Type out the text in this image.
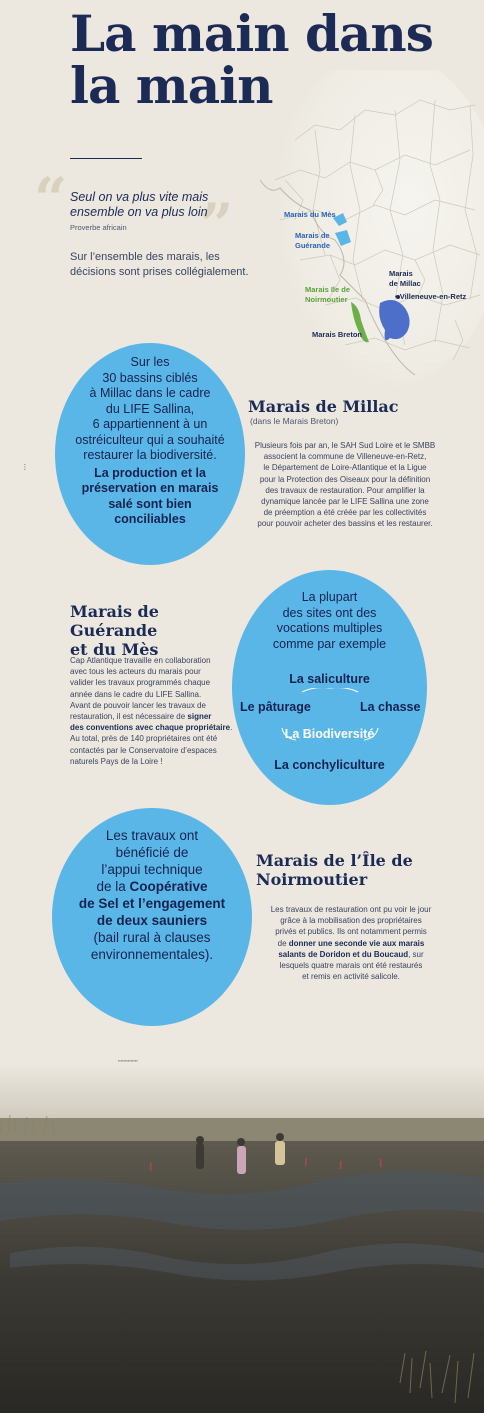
La main dans
la main
Marais du Mès
Marais de
Guérande
Marais
de Millac
• Villeneuve-en-Retz
Marais Ile de
Noirmoutier
Marais Breton
“ ”
Seul on va plus vite mais ensemble on va plus loin
Proverbe africain
Sur l’ensemble des marais, les décisions sont prises collégialement.
Sur les
30 bassins ciblés
à Millac dans le cadre
du LIFE Sallina,
6 appartiennent à un
ostréiculteur qui a souhaité
restaurer la biodiversité.
La production et la
préservation en marais
salé sont bien
conciliables
Marais de Millac
(dans le Marais Breton)
Plusieurs fois par an, le SAH Sud Loire et le SMBB
associent la commune de Villeneuve-en-Retz,
le Département de Loire-Atlantique et la Ligue
pour la Protection des Oiseaux pour la définition
des travaux de restauration. Pour amplifier la
dynamique lancée par le LIFE Sallina une zone
de préemption a été créée par les collectivités
pour pouvoir acheter des bassins et les restaurer.
▪ ▪ ▪
Marais de Guérande
et du Mès
Cap Atlantique travaille en collaboration
avec tous les acteurs du marais pour
valider les travaux programmés chaque
année dans le cadre du LIFE Sallina.
Avant de pouvoir lancer les travaux de
restauration, il est nécessaire de signer
des conventions avec chaque propriétaire.
Au total, près de 140 propriétaires ont été
contactés par le Conservatoire d’espaces
naturels Pays de la Loire !
La plupart
des sites ont des
vocations multiples
comme par exemple
La saliculture
Le pâturage	La chasse
La Biodiversité
La conchyliculture
Les travaux ont
bénéficié de
l’appui technique
de la Coopérative
de Sel et l’engagement
de deux sauniers
(bail rural à clauses
environnementales).
Marais de l’Île de
Noirmoutier
Les travaux de restauration ont pu voir le jour
grâce à la mobilisation des propriétaires
privés et publics. Ils ont notamment permis
de donner une seconde vie aux marais
salants de Doridon et du Boucaud, sur
lesquels quatre marais ont été restaurés
et remis en activité salicole.
▪▪▪▪▪▪▪▪▪▪▪▪▪▪
